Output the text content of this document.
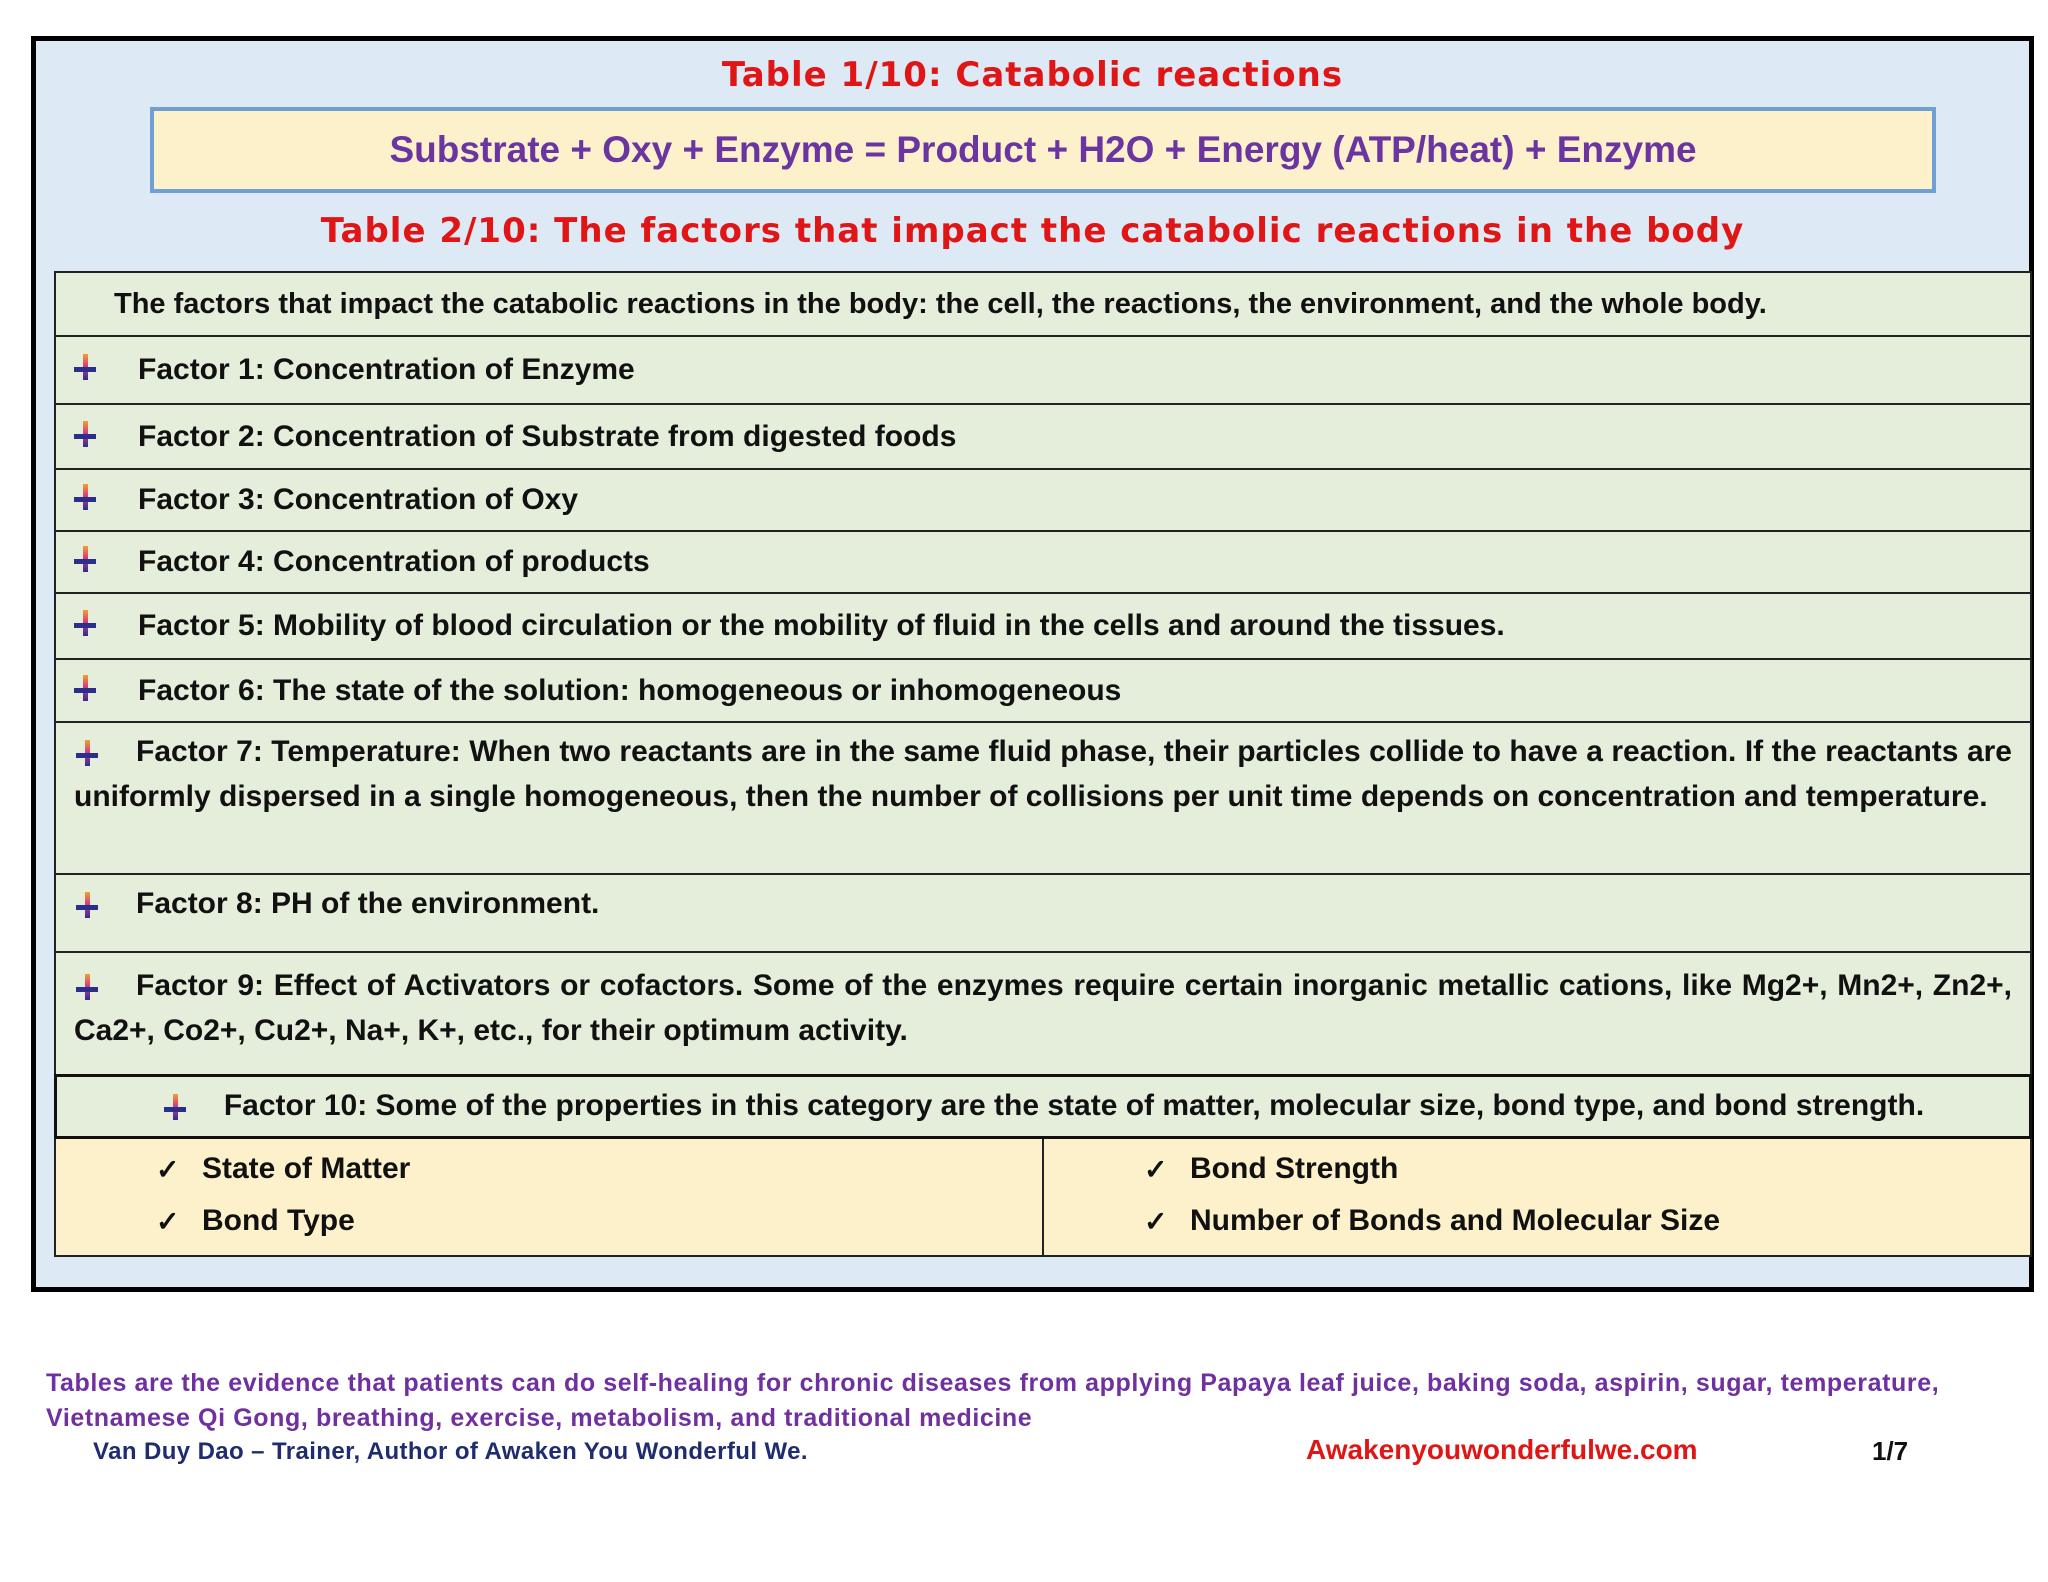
Table 1/10: Catabolic reactions
Substrate + Oxy + Enzyme = Product + H2O + Energy (ATP/heat) + Enzyme
Table 2/10: The factors that impact the catabolic reactions in the body
The factors that impact the catabolic reactions in the body: the cell, the reactions, the environment, and the whole body.
Factor 1: Concentration of Enzyme
Factor 2: Concentration of Substrate from digested foods
Factor 3: Concentration of Oxy
Factor 4: Concentration of products
Factor 5: Mobility of blood circulation or the mobility of fluid in the cells and around the tissues.
Factor 6: The state of the solution: homogeneous or inhomogeneous
Factor 7: Temperature: When two reactants are in the same fluid phase, their particles collide to have a reaction. If the reactants are uniformly dispersed in a single homogeneous, then the number of collisions per unit time depends on concentration and temperature.
Factor 8: PH of the environment.
Factor 9: Effect of Activators or cofactors. Some of the enzymes require certain inorganic metallic cations, like Mg2+, Mn2+, Zn2+, Ca2+, Co2+, Cu2+, Na+, K+, etc., for their optimum activity.
Factor 10: Some of the properties in this category are the state of matter, molecular size, bond type, and bond strength.
✓ State of Matter
✓ Bond Type
✓ Bond Strength
✓ Number of Bonds and Molecular Size
Tables are the evidence that patients can do self-healing for chronic diseases from applying Papaya leaf juice, baking soda, aspirin, sugar, temperature, Vietnamese Qi Gong, breathing, exercise, metabolism, and traditional medicine
Van Duy Dao – Trainer, Author of Awaken You Wonderful We.	Awakenyouwonderfulwe.com	1/7
